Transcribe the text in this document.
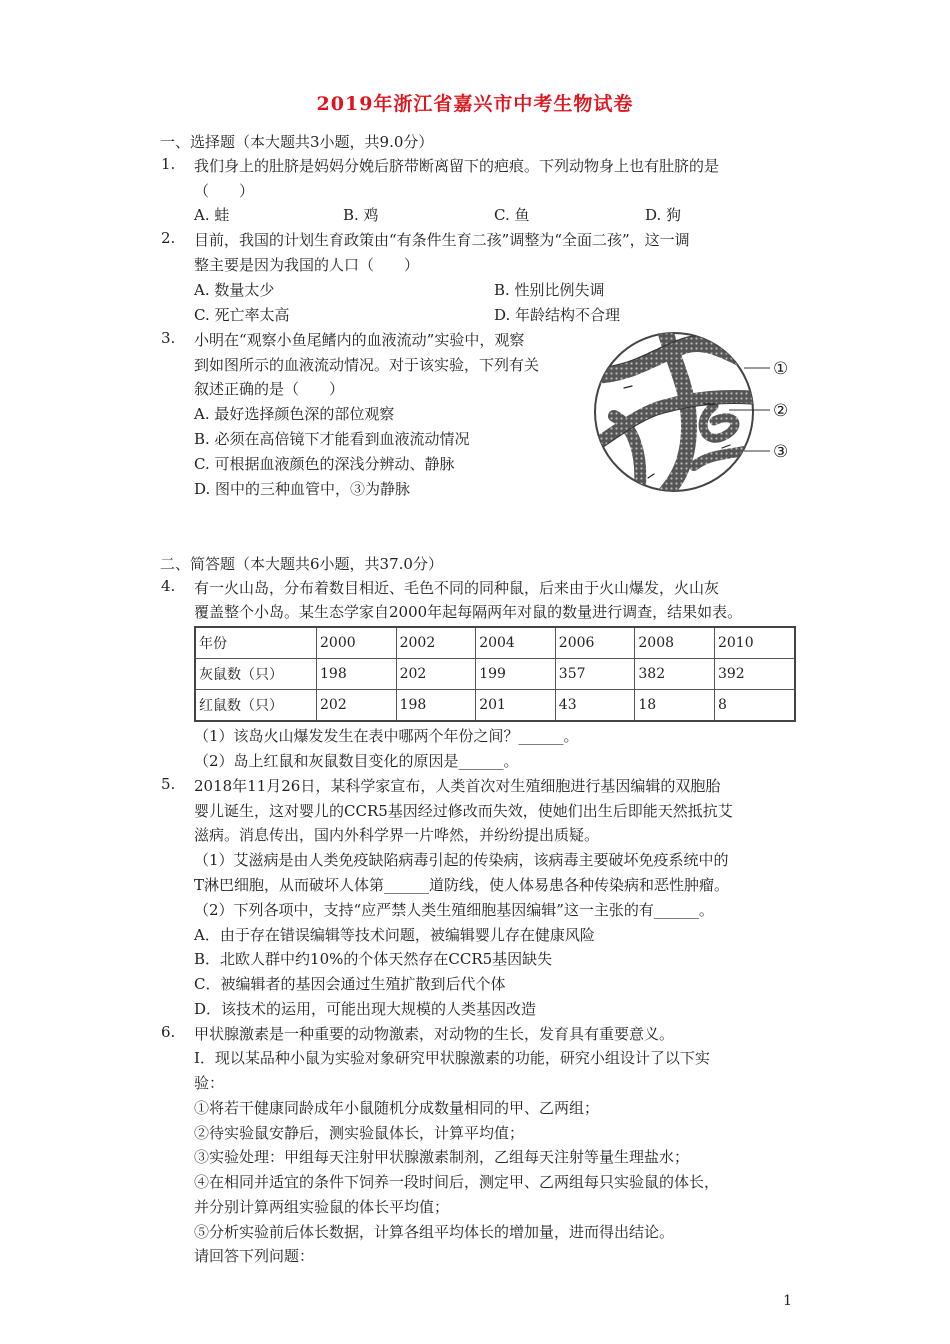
2019年浙江省嘉兴市中考生物试卷
一、选择题（本大题共3小题，共9.0分）
1. 我们身上的肚脐是妈妈分娩后脐带断离留下的疤痕。下列动物身上也有肚脐的是
（　　）
A. 蛙	B. 鸡	C. 鱼	D. 狗
2. 目前，我国的计划生育政策由“有条件生育二孩”调整为“全面二孩”，这一调
整主要是因为我国的人口（　　）
A. 数量太少	B. 性别比例失调
C. 死亡率太高	D. 年龄结构不合理
3. 小明在“观察小鱼尾鳍内的血液流动”实验中，观察
到如图所示的血液流动情况。对于该实验，下列有关
叙述正确的是（　　）
A. 最好选择颜色深的部位观察
B. 必须在高倍镜下才能看到血液流动情况
C. 可根据血液颜色的深浅分辨动、静脉
D. 图中的三种血管中，③为静脉
①
②
③
二、简答题（本大题共6小题，共37.0分）
4. 有一火山岛，分布着数目相近、毛色不同的同种鼠，后来由于火山爆发，火山灰
覆盖整个小岛。某生态学家自2000年起每隔两年对鼠的数量进行调查，结果如表。
年份	2000	2002	2004	2006	2008	2010
灰鼠数（只）	198	202	199	357	382	392
红鼠数（只）	202	198	201	43	18	8
（1）该岛火山爆发发生在表中哪两个年份之间？______。
（2）岛上红鼠和灰鼠数目变化的原因是______。
5. 2018年11月26日，某科学家宣布，人类首次对生殖细胞进行基因编辑的双胞胎
婴儿诞生，这对婴儿的CCR5基因经过修改而失效，使她们出生后即能天然抵抗艾
滋病。消息传出，国内外科学界一片哗然，并纷纷提出质疑。
（1）艾滋病是由人类免疫缺陷病毒引起的传染病，该病毒主要破坏免疫系统中的
T淋巴细胞，从而破坏人体第______道防线，使人体易患各种传染病和恶性肿瘤。
（2）下列各项中，支持“应严禁人类生殖细胞基因编辑”这一主张的有______。
A．由于存在错误编辑等技术问题，被编辑婴儿存在健康风险
B．北欧人群中约10%的个体天然存在CCR5基因缺失
C．被编辑者的基因会通过生殖扩散到后代个体
D．该技术的运用，可能出现大规模的人类基因改造
6. 甲状腺激素是一种重要的动物激素，对动物的生长，发育具有重要意义。
Ⅰ．现以某品种小鼠为实验对象研究甲状腺激素的功能，研究小组设计了以下实
验：
①将若干健康同龄成年小鼠随机分成数量相同的甲、乙两组；
②待实验鼠安静后，测实验鼠体长，计算平均值；
③实验处理：甲组每天注射甲状腺激素制剂，乙组每天注射等量生理盐水；
④在相同并适宜的条件下饲养一段时间后，测定甲、乙两组每只实验鼠的体长，
并分别计算两组实验鼠的体长平均值；
⑤分析实验前后体长数据，计算各组平均体长的增加量，进而得出结论。
请回答下列问题：
1
